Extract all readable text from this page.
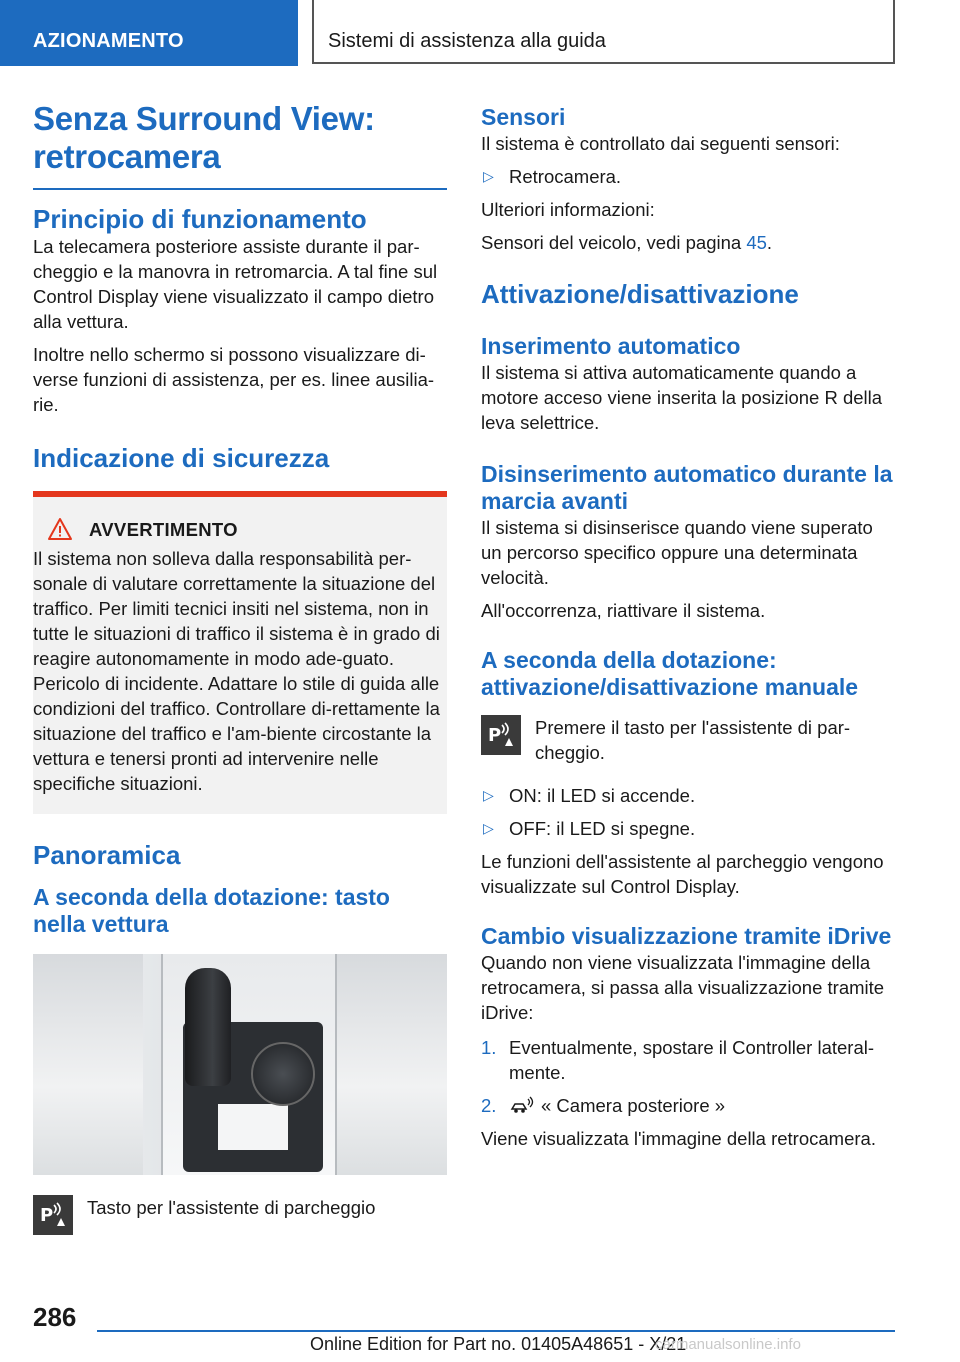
AZIONAMENTO	Sistemi di assistenza alla guida
Senza Surround View:
retrocamera
Principio di funzionamento

La telecamera posteriore assiste durante il par-cheggio e la manovra in retromarcia. A tal fine sul Control Display viene visualizzato il campo dietro alla vettura.

Inoltre nello schermo si possono visualizzare di-verse funzioni di assistenza, per es. linee ausilia-rie.

Indicazione di sicurezza
AVVERTIMENTO
Il sistema non solleva dalla responsabilità per-sonale di valutare correttamente la situazione del traffico. Per limiti tecnici insiti nel sistema, non in tutte le situazioni di traffico il sistema è in grado di reagire autonomamente in modo ade-guato. Pericolo di incidente. Adattare lo stile di guida alle condizioni del traffico. Controllare di-rettamente la situazione del traffico e l'am-biente circostante la vettura e tenersi pronti ad intervenire nelle specifiche situazioni.
Panoramica
A seconda della dotazione: tasto nella vettura
P Tasto per l'assistente di parcheggio

Sensori

Il sistema è controllato dai seguenti sensori:

▷ Retrocamera.

Ulteriori informazioni:

Sensori del veicolo, vedi pagina 45.

Attivazione/disattivazione
Inserimento automatico

Il sistema si attiva automaticamente quando a motore acceso viene inserita la posizione R della leva selettrice.

Disinserimento automatico durante la marcia avanti

Il sistema si disinserisce quando viene superato un percorso specifico oppure una determinata velocità.

All'occorrenza, riattivare il sistema.

A seconda della dotazione: attivazione/disattivazione manuale
P Premere il tasto per l'assistente di par-cheggio.

▷ ON: il LED si accende.
▷ OFF: il LED si spegne.

Le funzioni dell'assistente al parcheggio vengono visualizzate sul Control Display.

Cambio visualizzazione tramite iDrive

Quando non viene visualizzata l'immagine della retrocamera, si passa alla visualizzazione tramite iDrive:

1. Eventualmente, spostare il Controller lateral-mente.
2. « Camera posteriore »

Viene visualizzata l'immagine della retrocamera.

286
Online Edition for Part no. 01405A48651 - X/21
carmanualsonline.info
